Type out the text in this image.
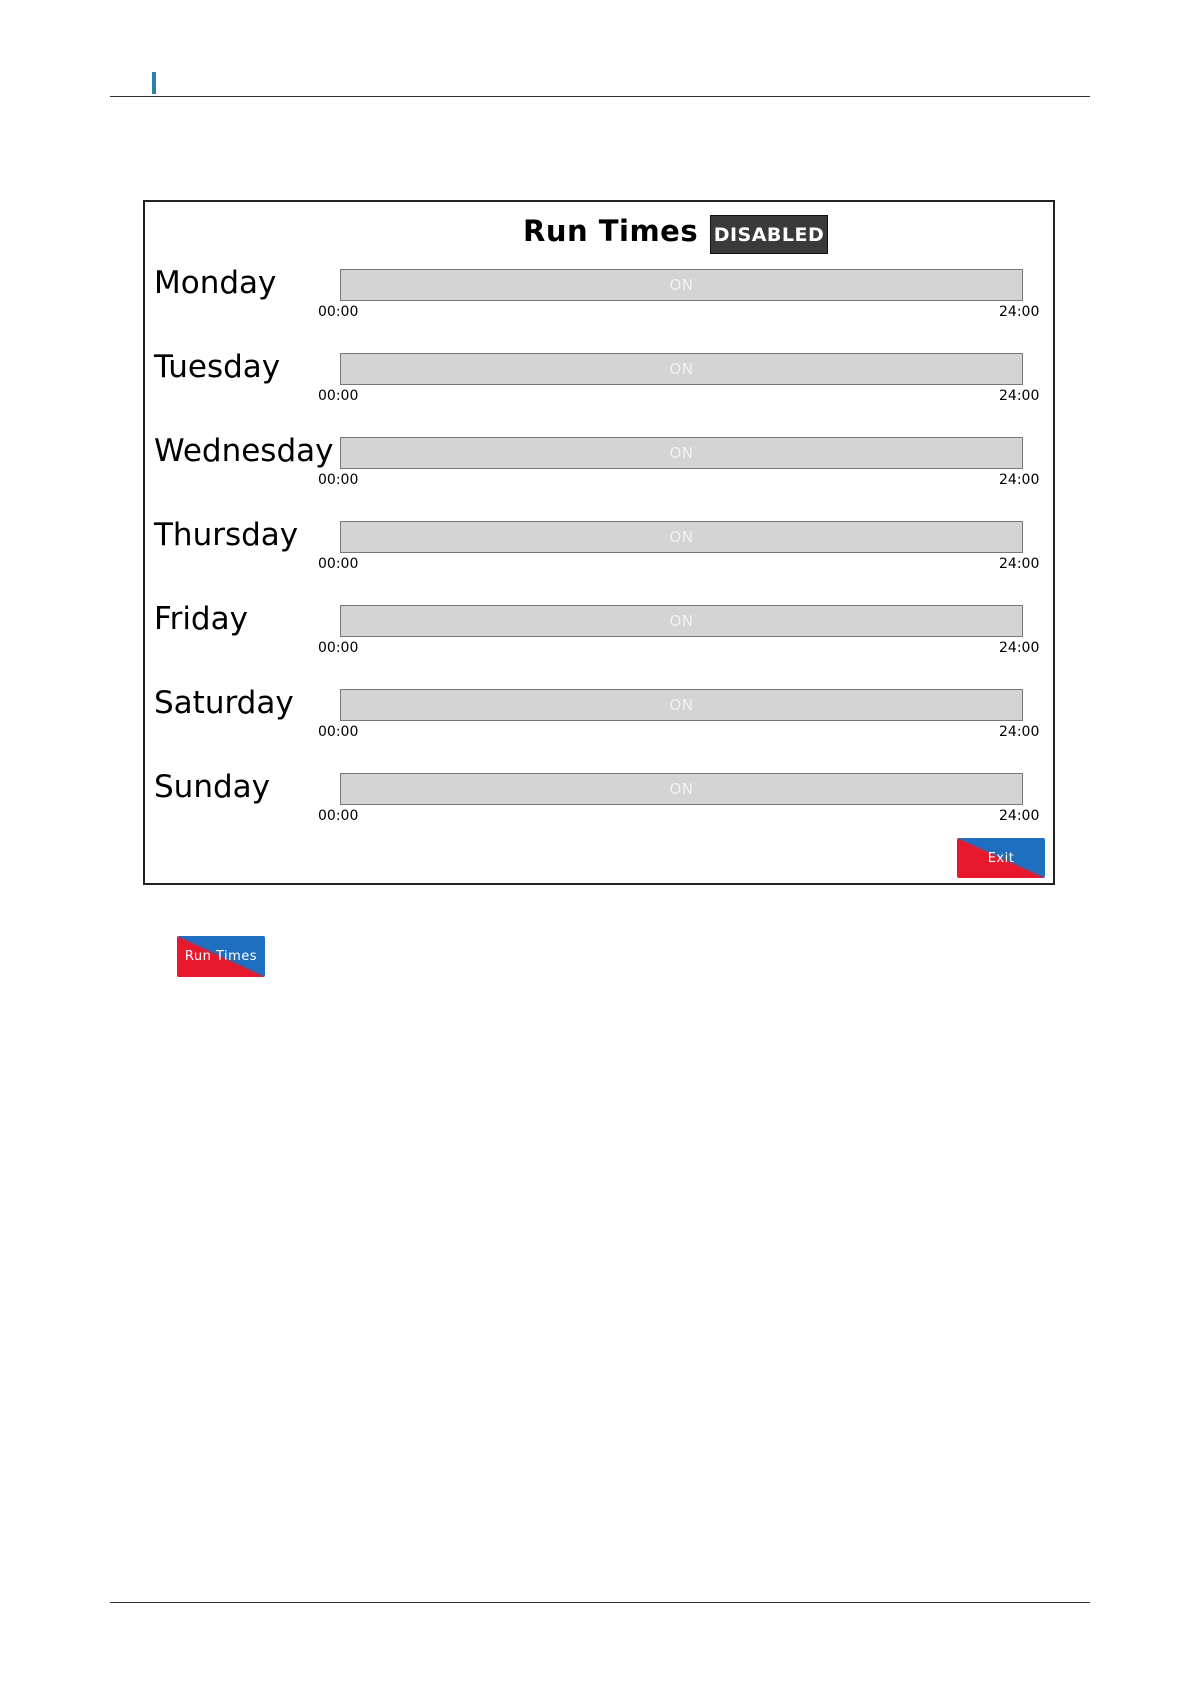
Run Times DISABLED
Monday	ON
00:00	24:00
Tuesday	ON
00:00	24:00
Wednesday	ON
00:00	24:00
Thursday	ON
00:00	24:00
Friday	ON
00:00	24:00
Saturday	ON
00:00	24:00
Sunday	ON
00:00	24:00
Exit
Run Times
